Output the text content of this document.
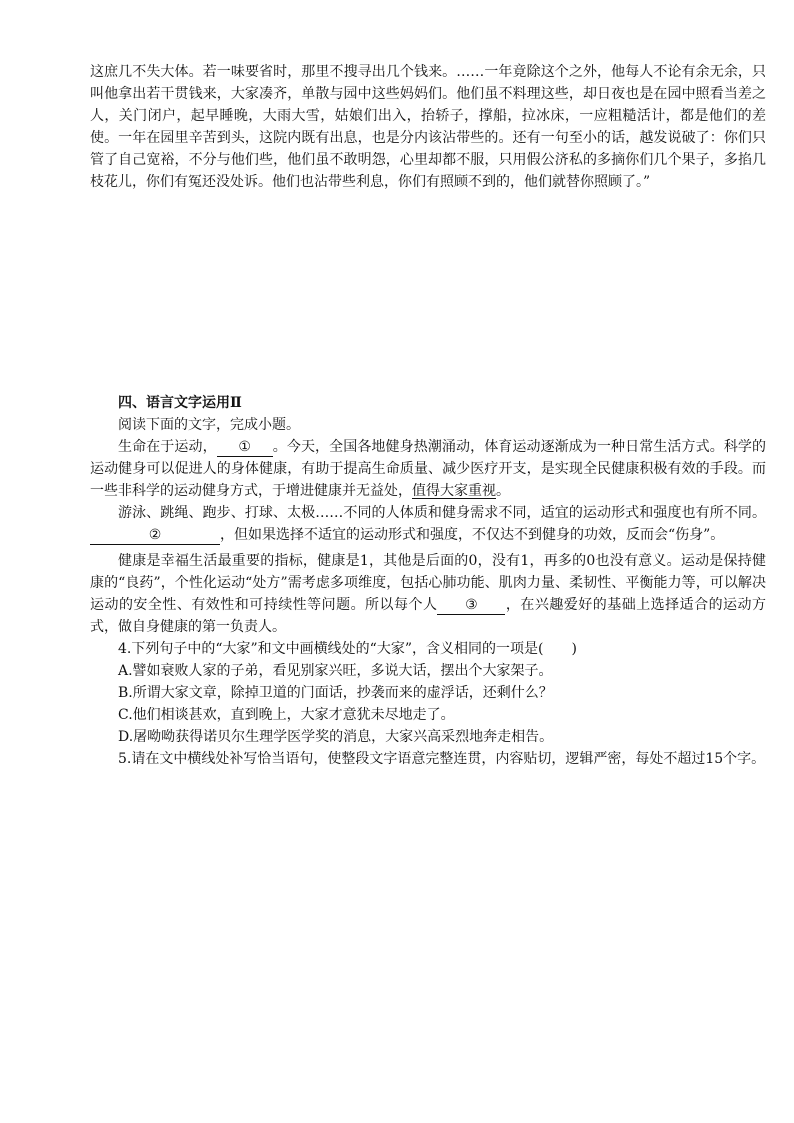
这庶几不失大体。若一味要省时，那里不搜寻出几个钱来。……一年竟除这个之外，他每人不论有余无余，只叫他拿出若干贯钱来，大家凑齐，单散与园中这些妈妈们。他们虽不料理这些，却日夜也是在园中照看当差之人，关门闭户，起早睡晚，大雨大雪，姑娘们出入，抬轿子，撑船，拉冰床，一应粗糙活计，都是他们的差使。一年在园里辛苦到头，这院内既有出息，也是分内该沾带些的。还有一句至小的话，越发说破了：你们只管了自己宽裕，不分与他们些，他们虽不敢明怨，心里却都不服，只用假公济私的多摘你们几个果子，多掐几枝花儿，你们有冤还没处诉。他们也沾带些利息，你们有照顾不到的，他们就替你照顾了。”

四、语言文字运用Ⅱ

阅读下面的文字，完成小题。

生命在于运动， ① 。今天，全国各地健身热潮涌动，体育运动逐渐成为一种日常生活方式。科学的运动健身可以促进人的身体健康，有助于提高生命质量、减少医疗开支，是实现全民健康积极有效的手段。而一些非科学的运动健身方式，于增进健康并无益处，值得大家重视。

游泳、跳绳、跑步、打球、太极……不同的人体质和健身需求不同，适宜的运动形式和强度也有所不同。②	，但如果选择不适宜的运动形式和强度，不仅达不到健身的功效，反而会“伤身”。

健康是幸福生活最重要的指标，健康是1，其他是后面的0，没有1，再多的0也没有意义。运动是保持健康的“良药”，个性化运动“处方”需考虑多项维度，包括心肺功能、肌肉力量、柔韧性、平衡能力等，可以解决运动的安全性、有效性和可持续性等问题。所以每个人 ③ ，在兴趣爱好的基础上选择适合的运动方式，做自身健康的第一负责人。

4.下列句子中的“大家”和文中画横线处的“大家”，含义相同的一项是(　　)

A.譬如衰败人家的子弟，看见别家兴旺，多说大话，摆出个大家架子。

B.所谓大家文章，除掉卫道的门面话，抄袭而来的虚浮话，还剩什么？

C.他们相谈甚欢，直到晚上，大家才意犹未尽地走了。

D.屠呦呦获得诺贝尔生理学医学奖的消息，大家兴高采烈地奔走相告。

5.请在文中横线处补写恰当语句，使整段文字语意完整连贯，内容贴切，逻辑严密，每处不超过15个字。
